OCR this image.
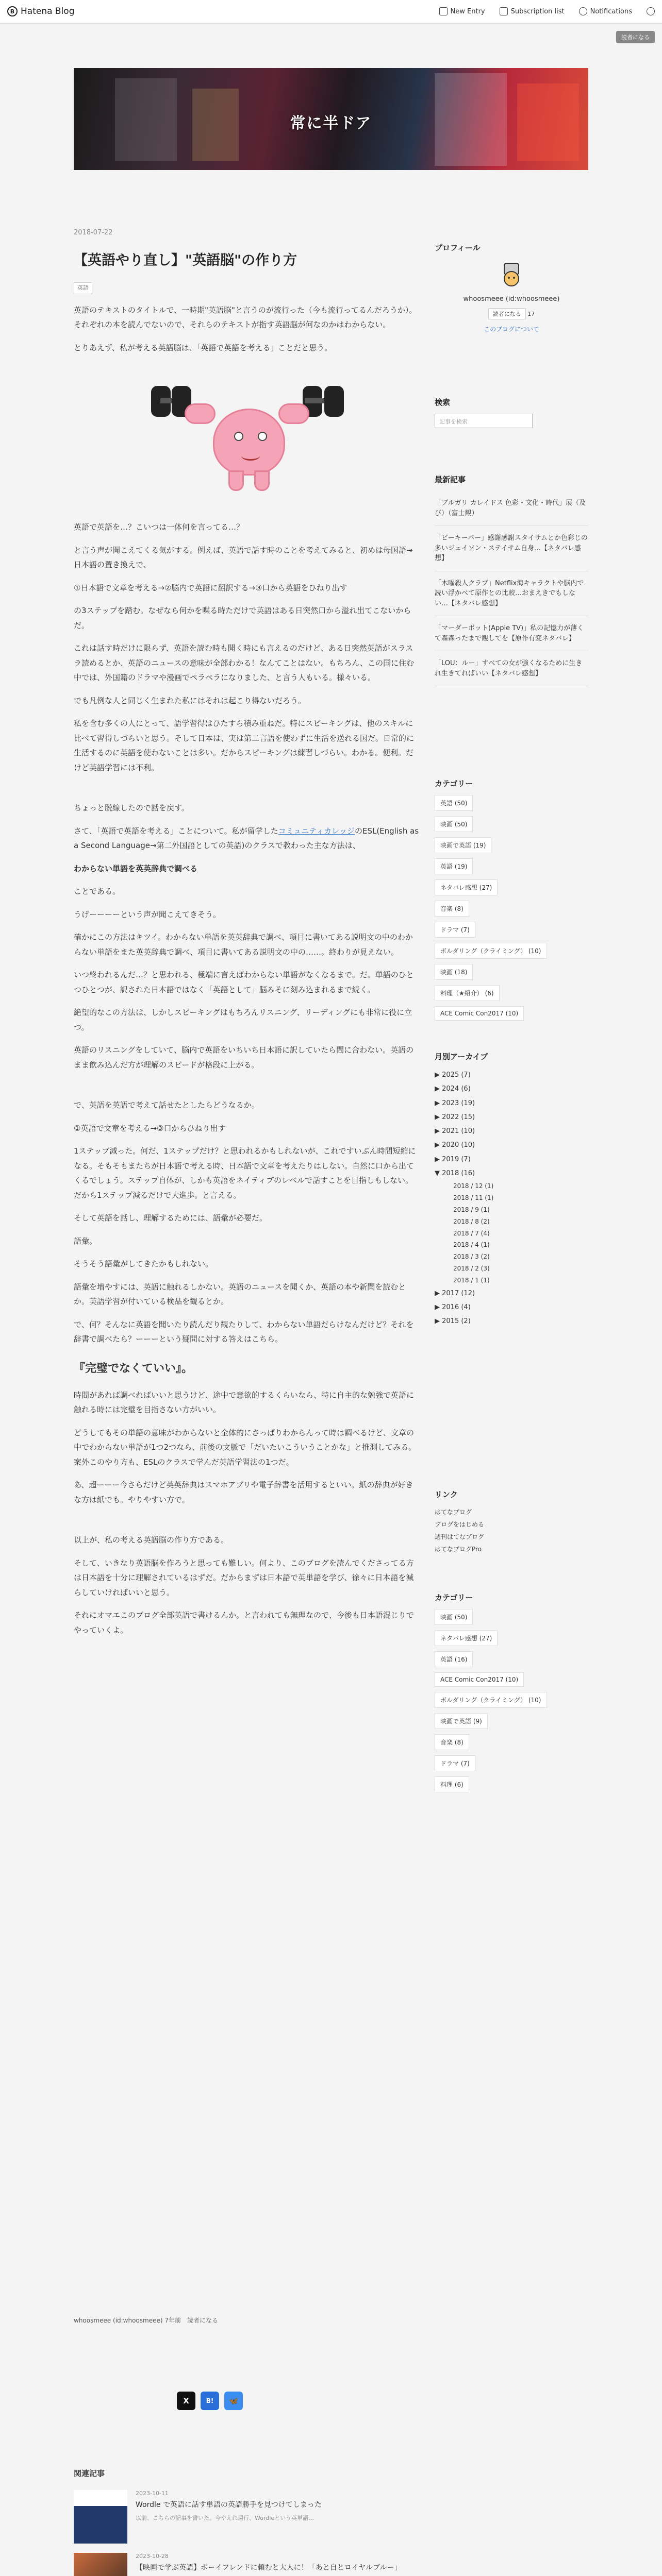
B Hatena Blog	New Entry	Subscription list	Notifications
読者になる
常に半ドア
2018-07-22
【英語やり直し】"英語脳"の作り方
英語

英語のテキストのタイトルで、一時期"英語脳"と言うのが流行った（今も流行ってるんだろうか）。それぞれの本を読んでないので、それらのテキストが指す英語脳が何なのかはわからない。

とりあえず、私が考える英語脳は、「英語で英語を考える」ことだと思う。

英語で英語を…？こいつは一体何を言ってる…？

と言う声が聞こえてくる気がする。例えば、英語で話す時のことを考えてみると、初めは母国語→日本語の置き換えで、

①日本語で文章を考える→②脳内で英語に翻訳する→③口から英語をひねり出す

の3ステップを踏む。なぜなら何かを喋る時ただけで英語はある日突然口から溢れ出てこないからだ。

これは話す時だけに限らず、英語を読む時も聞く時にも言えるのだけど、ある日突然英語がスラスラ読めるとか、英語のニュースの意味が全部わかる！なんてことはない。もちろん、この国に住む中では、外国籍のドラマや漫画でペラペラになりました、と言う人もいる。様々いる。

でも凡例な人と同じく生まれた私にはそれは起こり得ないだろう。

私を含む多くの人にとって、語学習得はひたすら積み重ねだ。特にスピーキングは、他のスキルに比べて習得しづらいと思う。そして日本は、実は第二言語を使わずに生活を送れる国だ。日常的に生活するのに英語を使わないことは多い。だからスピーキングは練習しづらい。わかる。便利。だけど英語学習には不利。

ちょっと脱線したので話を戻す。

さて、「英語で英語を考える」ことについて。私が留学したコミュニティカレッジのESL(English as a Second Language→第二外国語としての英語)のクラスで教わった主な方法は、

わからない単語を英英辞典で調べる

ことである。

うげーーーーという声が聞こえてきそう。

確かにこの方法はキツイ。わからない単語を英英辞典で調べ、項目に書いてある説明文の中のわからない単語をまた英英辞典で調べ、項目に書いてある説明文の中の……。終わりが見えない。

いつ終われるんだ…？と思われる、極端に言えばわからない単語がなくなるまで。だ。単語のひとつひとつが、訳された日本語ではなく「英語として」脳みそに刻み込まれるまで続く。

絶望的なこの方法は、しかしスピーキングはもちろんリスニング、リーディングにも非常に役に立つ。

英語のリスニングをしていて、脳内で英語をいちいち日本語に訳していたら間に合わない。英語のまま飲み込んだ方が理解のスピードが格段に上がる。

で、英語を英語で考えて話せたとしたらどうなるか。

①英語で文章を考える→③口からひねり出す

1ステップ減った。何だ、1ステップだけ？と思われるかもしれないが、これですいぶん時間短縮になる。そもそもまたちが日本語で考える時、日本語で文章を考えたりはしない。自然に口から出てくるでしょう。ステップ自体が、しかも英語をネイティブのレベルで話すことを目指しもしない。だから1ステップ減るだけで大進歩。と言える。

そして英語を話し、理解するためには、語彙が必要だ。

語彙。

そうそう語彙がしてきたかもしれない。

語彙を増やすには、英語に触れるしかない。英語のニュースを聞くか、英語の本や新聞を読むとか。英語学習が付いている検品を観るとか。

で、何？そんなに英語を聞いたり読んだり観たりして、わからない単語だらけなんだけど？それを辞書で調べたら？ーーーという疑問に対する答えはこちら。

『完璧でなくていい』。

時間があれば調べればいいと思うけど、途中で意欲的するくらいなら、特に自主的な勉強で英語に触れる時には完璧を目指さない方がいい。

どうしてもその単語の意味がわからないと全体的にさっぱりわからんって時は調べるけど、文章の中でわからない単語が1つ2つなら、前後の文脈で「だいたいこういうことかな」と推測してみる。案外このやり方も、ESLのクラスで学んだ英語学習法の1つだ。

あ、超ーーー今さらだけど英英辞典はスマホアプリや電子辞書を活用するといい。紙の辞典が好きな方は紙でも。やりやすい方で。

以上が、私の考える英語脳の作り方である。

そして、いきなり英語脳を作ろうと思っても難しい。何より、このブログを読んでくださってる方は日本語を十分に理解されているはずだ。だからまずは日本語で英単語を学び、徐々に日本語を減らしていければいいと思う。

それにオマエこのブログ全部英語で書けるんか。と言われても無理なので、今後も日本語混じりでやっていくよ。

whoosmeee (id:whoosmeee) 7年前　読者になる
X	B!	🦋
関連記事
2023-10-11
Wordle で英語に話す単語の英語勝手を見つけてしまった
以前、こちらの記事を書いた。今やえれ週行、Wordleという英単語…
2023-10-28
【映画で学ぶ英語】ボーイフレンドに頼むと大人に！「あと自とロイヤルブルー」
プロフィール
whoosmeee (id:whoosmeee)
読者になる 17
このブログについて
検索
記事を検索
最新記事
「ブルガリ カレイドス 色彩・文化・時代」展（及び）（富士観）
「ビーキーパー」感謝感謝スタイサムとか色彩じの多いジェイソン・ステイサム自身…【ネタバレ感想】
「木曜殺人クラブ」Netflix海キャラクトや脳内で読い浮かべて原作との比較…おまえきでもしない…【ネタバレ感想】
「マーダーボット(Apple TV)」私の記憶力が薄くて森森ったまで観してを【原作有変ネタバレ】
「LOU：ルー」すべての女が強くなるために生きれ生きてればいい【ネタバレ感想】
カテゴリー
英語 (50)
映画 (50)
映画で英語 (19)
英語 (19)
ネタバレ感想 (27)
音楽 (8)
ドラマ (7)
ボルダリング（クライミング） (10)
映画 (18)
料理（★紹介） (6)
ACE Comic Con2017 (10)
月別アーカイブ
▶ 2025 (7)
▶ 2024 (6)
▶ 2023 (19)
▶ 2022 (15)
▶ 2021 (10)
▶ 2020 (10)
▶ 2019 (7)
▼ 2018 (16)
2018 / 12 (1)
2018 / 11 (1)
2018 / 9 (1)
2018 / 8 (2)
2018 / 7 (4)
2018 / 4 (1)
2018 / 3 (2)
2018 / 2 (3)
2018 / 1 (1)
▶ 2017 (12)
▶ 2016 (4)
▶ 2015 (2)
リンク
はてなブログ
ブログをはじめる
週刊はてなブログ
はてなブログPro
カテゴリー
映画 (50)
ネタバレ感想 (27)
英語 (16)
ACE Comic Con2017 (10)
ボルダリング（クライミング） (10)
映画で英語 (9)
音楽 (8)
ドラマ (7)
料理 (6)
